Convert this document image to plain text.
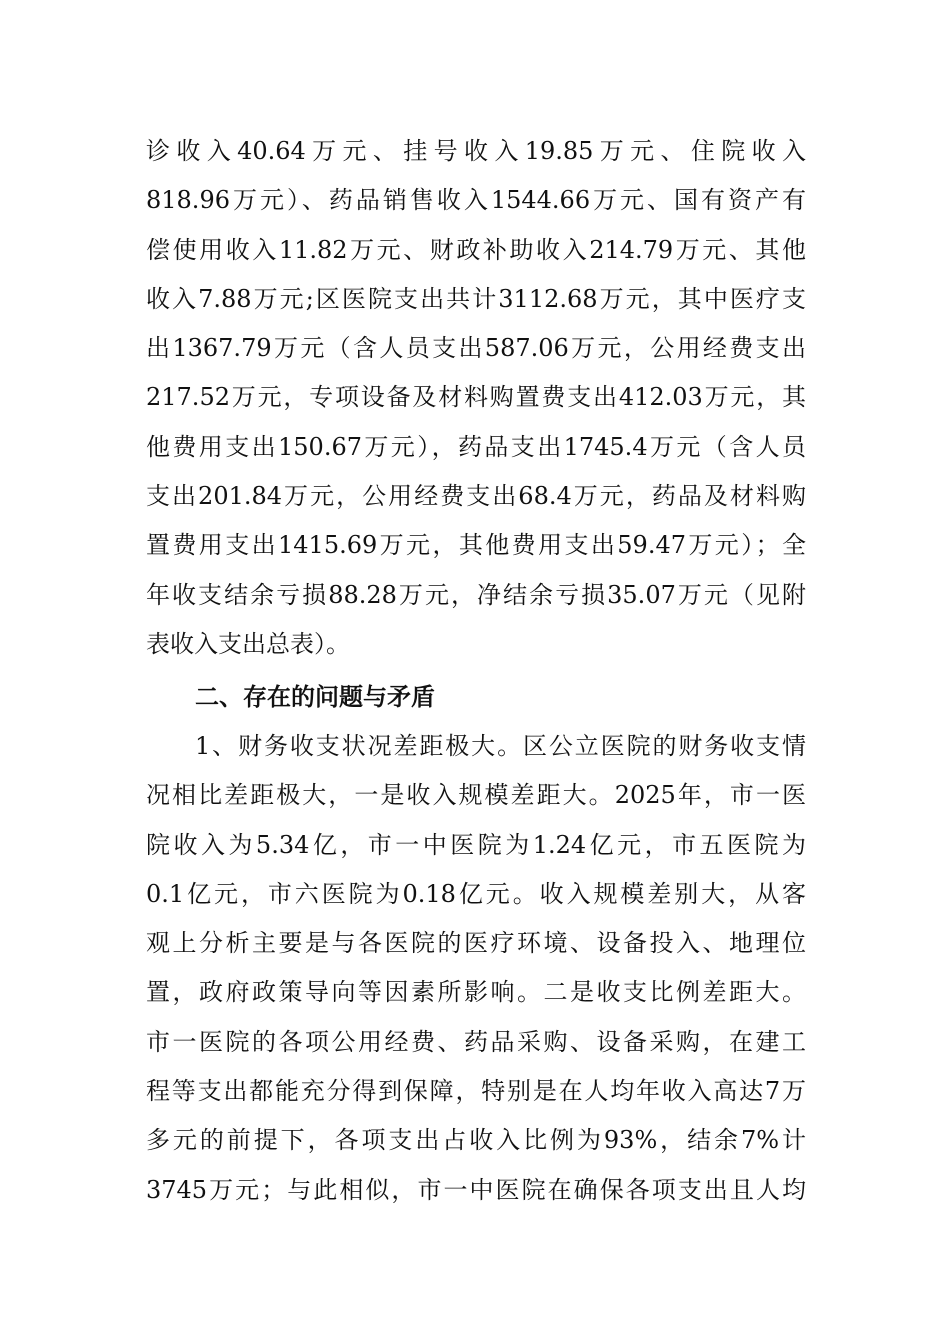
诊收入40.64万元、挂号收入19.85万元、住院收入
818.96万元）、药品销售收入1544.66万元、国有资产有
偿使用收入11.82万元、财政补助收入214.79万元、其他
收入7.88万元;区医院支出共计3112.68万元，其中医疗支
出1367.79万元（含人员支出587.06万元，公用经费支出
217.52万元，专项设备及材料购置费支出412.03万元，其
他费用支出150.67万元），药品支出1745.4万元（含人员
支出201.84万元，公用经费支出68.4万元，药品及材料购
置费用支出1415.69万元，其他费用支出59.47万元）；全
年收支结余亏损88.28万元，净结余亏损35.07万元（见附
表收入支出总表）。
二、存在的问题与矛盾
1、财务收支状况差距极大。区公立医院的财务收支情
况相比差距极大，一是收入规模差距大。2025年，市一医
院收入为5.34亿，市一中医院为1.24亿元，市五医院为
0.1亿元，市六医院为0.18亿元。收入规模差别大，从客
观上分析主要是与各医院的医疗环境、设备投入、地理位
置，政府政策导向等因素所影响。二是收支比例差距大。
市一医院的各项公用经费、药品采购、设备采购，在建工
程等支出都能充分得到保障，特别是在人均年收入高达7万
多元的前提下，各项支出占收入比例为93%，结余7%计
3745万元；与此相似，市一中医院在确保各项支出且人均
